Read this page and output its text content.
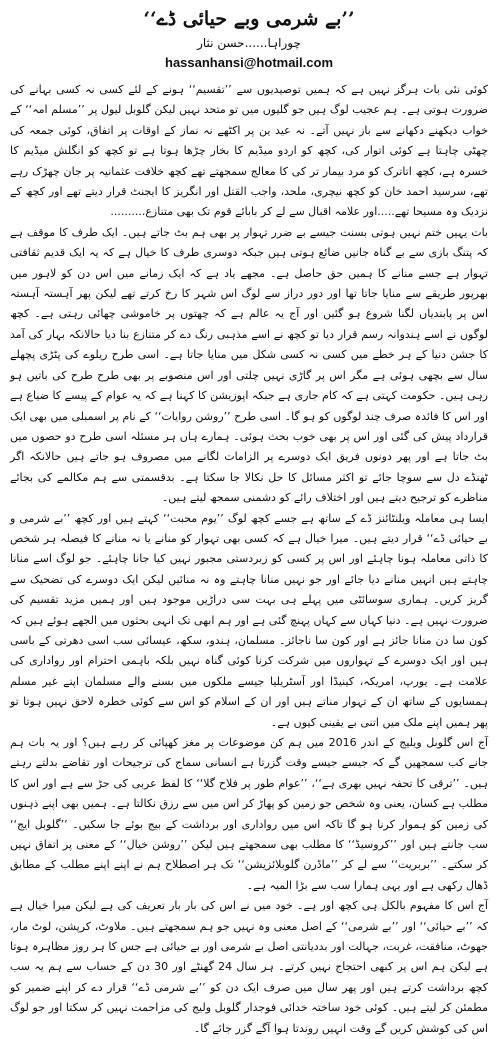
’’بے شرمی وبے حیائی ڈے‘‘
چوراہا......حسن نثار
hassanhansi@hotmail.com

کوئی نئی بات ہرگز نہیں ہے کہ ہمیں توصیدیوں سے ’’تقسیم‘‘ ہونے کے لئے کسی نہ کسی بہانے کی ضرورت ہوتی ہے۔ ہم عجیب لوگ ہیں جو گلیوں میں تو متحد نہیں لیکن گلوبل لیول پر ’’مسلم امہ‘‘ کے خواب دیکھنے دکھانے سے باز نہیں آتے۔ نہ عید ین پر اکٹھے نہ نماز کے اوقات پر اتفاق، کوئی جمعہ کی چھٹی چاہتا ہے کوئی اتوار کی، کچھ کو اردو میڈیم کا بخار چڑھا ہوتا ہے تو کچھ کو انگلش میڈیم کا خسرہ ہے، کچھ اتاترک کو مرد بیمار تر کی کا معالج سمجھتے تھے کچھ خلافت عثمانیہ پر جان چھڑک رہے تھے، سرسید احمد خان کو کچھ نیچری، ملحد، واجب القتل اور انگریز کا ایجنٹ قرار دیتے تھے اور کچھ کے نزدیک وہ مسیحا تھے.....اور علامہ اقبال سے لے کر بابائے قوم تک بھی متنازع..........

بات یہیں ختم نہیں ہوتی بسنت جیسے بے ضرر تہوار پر بھی ہم بٹ جاتے ہیں۔ ایک طرف کا موقف ہے کہ پتنگ بازی سے بے گناہ جانیں ضائع ہوتی ہیں جبکہ دوسری طرف کا خیال ہے کہ یہ ایک قدیم ثقافتی تہوار ہے جسے منانے کا ہمیں حق حاصل ہے۔ مجھے یاد ہے کہ ایک زمانے میں اس دن کو لاہور میں بھرپور طریقے سے منایا جاتا تھا اور دور دراز سے لوگ اس شہر کا رخ کرتے تھے لیکن پھر آہستہ آہستہ اس پر پابندیاں لگنا شروع ہو گئیں اور آج یہ عالم ہے کہ چھتوں پر خاموشی چھائی رہتی ہے۔ کچھ لوگوں نے اسے ہندوانہ رسم قرار دیا تو کچھ نے اسے مذہبی رنگ دے کر متنازع بنا دیا حالانکہ بہار کی آمد کا جشن دنیا کے ہر خطے میں کسی نہ کسی شکل میں منایا جاتا ہے۔ اسی طرح ریلوے کی پٹڑی پچھلے سال سے بچھی ہوئی ہے مگر اس پر گاڑی نہیں چلتی اور اس منصوبے پر بھی طرح طرح کی باتیں ہو رہی ہیں۔ حکومت کہتی ہے کہ کام جاری ہے جبکہ اپوزیشن کا کہنا ہے کہ یہ عوام کے پیسے کا ضیاع ہے اور اس کا فائدہ صرف چند لوگوں کو ہو گا۔ اسی طرح ’’روشن روایات‘‘ کے نام پر اسمبلی میں بھی ایک قرارداد پیش کی گئی اور اس پر بھی خوب بحث ہوئی۔ ہمارے ہاں ہر مسئلہ اسی طرح دو حصوں میں بٹ جاتا ہے اور پھر دونوں فریق ایک دوسرے پر الزامات لگانے میں مصروف ہو جاتے ہیں حالانکہ اگر ٹھنڈے دل سے سوچا جائے تو اکثر مسائل کا حل نکالا جا سکتا ہے۔ بدقسمتی سے ہم مکالمے کی بجائے مناظرے کو ترجیح دیتے ہیں اور اختلاف رائے کو دشمنی سمجھ لیتے ہیں۔

ایسا ہی معاملہ ویلنٹائنز ڈے کے ساتھ ہے جسے کچھ لوگ ’’یوم محبت‘‘ کہتے ہیں اور کچھ ’’بے شرمی و بے حیائی ڈے‘‘ قرار دیتے ہیں۔ میرا خیال ہے کہ کسی بھی تہوار کو منانے یا نہ منانے کا فیصلہ ہر شخص کا ذاتی معاملہ ہونا چاہئے اور اس پر کسی کو زبردستی مجبور نہیں کیا جانا چاہئے۔ جو لوگ اسے منانا چاہتے ہیں انہیں منانے دیا جائے اور جو نہیں منانا چاہتے وہ نہ منائیں لیکن ایک دوسرے کی تضحیک سے گریز کریں۔ ہماری سوسائٹی میں پہلے ہی بہت سی دراڑیں موجود ہیں اور ہمیں مزید تقسیم کی ضرورت نہیں ہے۔ دنیا کہاں سے کہاں پہنچ گئی ہے اور ہم ابھی تک انہی بحثوں میں الجھے ہوئے ہیں کہ کون سا دن منانا جائز ہے اور کون سا ناجائز۔ مسلمان، ہندو، سکھ، عیسائی سب اسی دھرتی کے باسی ہیں اور ایک دوسرے کے تہواروں میں شرکت کرنا کوئی گناہ نہیں بلکہ باہمی احترام اور رواداری کی علامت ہے۔ یورپ، امریکہ، کینیڈا اور آسٹریلیا جیسے ملکوں میں بسنے والے مسلمان اپنے غیر مسلم ہمسایوں کے ساتھ ان کے تہوار مناتے ہیں اور ان کے اسلام کو اس سے کوئی خطرہ لاحق نہیں ہوتا تو پھر ہمیں اپنے ملک میں اتنی بے یقینی کیوں ہے۔

آج اس گلوبل ویلیج کے اندر 2016 میں ہم کن موضوعات پر مغز کھپائی کر رہے ہیں؟ اور یہ بات ہم جانے کب سمجھیں گے کہ جیسے جیسے وقت گزرتا ہے انسانی سماج کی ترجیحات اور تقاضے بدلتے رہتے ہیں۔ ’’ترقی کا تحفہ نہیں بھری ہے‘‘، ’’عوام طور پر فلاح گلا‘‘ کا لفظ عربی کی جڑ سے ہے اور اس کا مطلب ہے کسان، یعنی وہ شخص جو زمین کو پھاڑ کر اس میں سے رزق نکالتا ہے۔ ہمیں بھی اپنے ذہنوں کی زمین کو ہموار کرنا ہو گا تاکہ اس میں رواداری اور برداشت کے بیج بوئے جا سکیں۔ ’’گلوبل ایج‘‘ سب جانتے ہیں اور ’’کروسیڈ‘‘ کا مطلب بھی سمجھتے ہیں لیکن ’’روشن خیال‘‘ کے معنی پر اتفاق نہیں کر سکتے۔ ’’بربریت‘‘ سے لے کر ’’ماڈرن گلوبلائزیشن‘‘ تک ہر اصطلاح ہم نے اپنے اپنے مطلب کے مطابق ڈھال رکھی ہے اور یہی ہمارا سب سے بڑا المیہ ہے۔

آج اس کا مفہوم بالکل ہی کچھ اور ہے۔ خود میں نے اس کی بار بار تعریف کی ہے لیکن میرا خیال ہے کہ ’’بے حیائی‘‘ اور ’’بے شرمی‘‘ کے اصل معنی وہ نہیں جو ہم سمجھتے ہیں۔ ملاوٹ، کرپشن، لوٹ مار، جھوٹ، منافقت، غربت، جہالت اور بددیانتی اصل بے شرمی اور بے حیائی ہے جس کا ہر روز مظاہرہ ہوتا ہے لیکن ہم اس پر کبھی احتجاج نہیں کرتے۔ ہر سال 24 گھنٹے اور 30 دن کے حساب سے ہم یہ سب کچھ برداشت کرتے ہیں اور پھر سال میں صرف ایک دن کو ’’بے شرمی ڈے‘‘ قرار دے کر اپنے ضمیر کو مطمئن کر لیتے ہیں۔ کوئی خود ساختہ خدائی فوجدار گلوبل ولیج کی مزاحمت نہیں کر سکتا اور جو لوگ اس کی کوشش کریں گے وقت انہیں روندتا ہوا آگے گزر جائے گا۔
